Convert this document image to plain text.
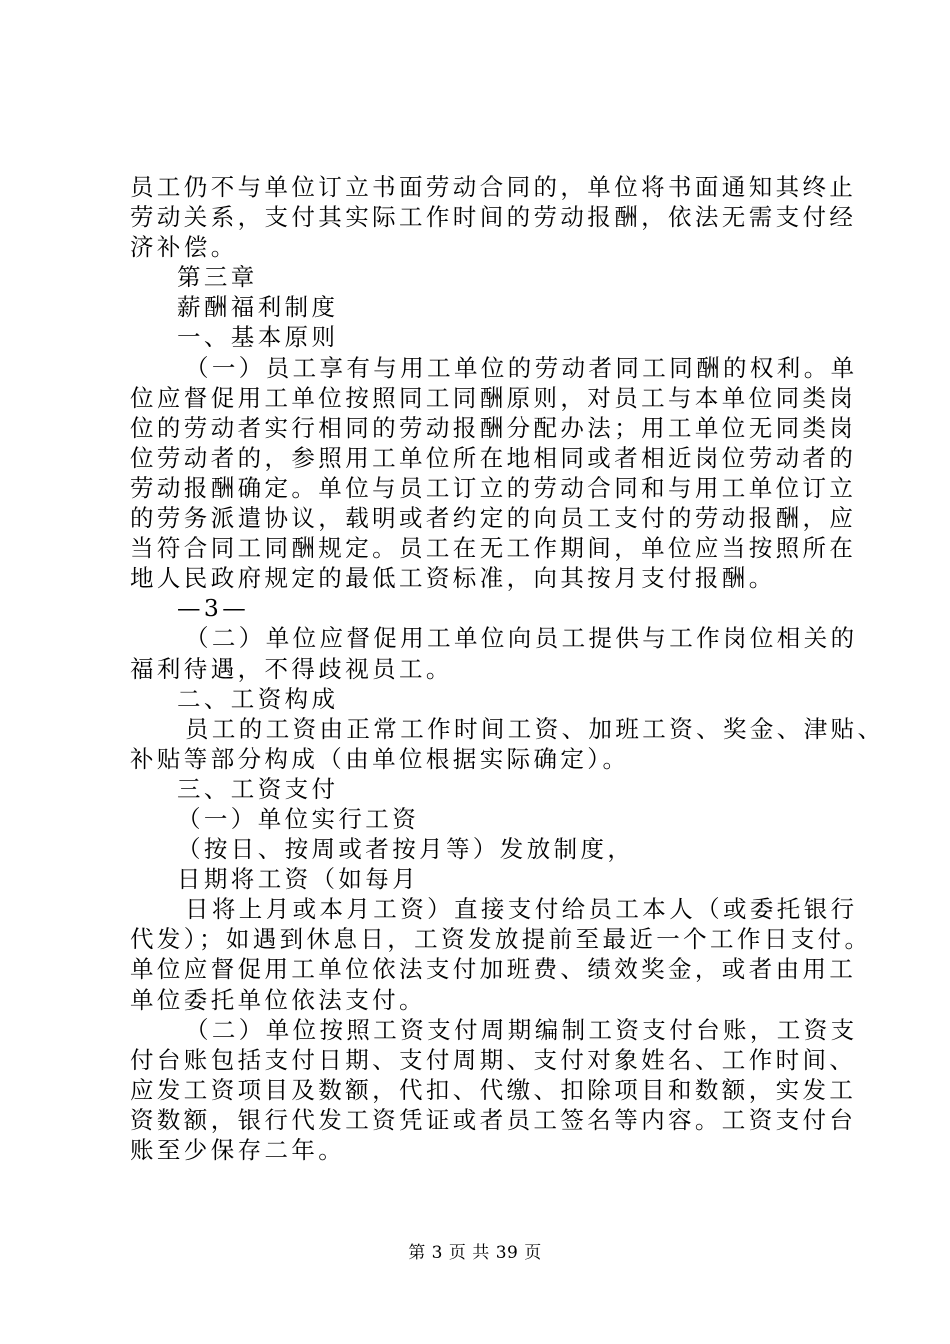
员工仍不与单位订立书面劳动合同的，单位将书面通知其终止

劳动关系，支付其实际工作时间的劳动报酬，依法无需支付经

济补偿。

第三章

薪酬福利制度

一、基本原则

（一）员工享有与用工单位的劳动者同工同酬的权利。单

位应督促用工单位按照同工同酬原则，对员工与本单位同类岗

位的劳动者实行相同的劳动报酬分配办法；用工单位无同类岗

位劳动者的，参照用工单位所在地相同或者相近岗位劳动者的

劳动报酬确定。单位与员工订立的劳动合同和与用工单位订立

的劳务派遣协议，载明或者约定的向员工支付的劳动报酬，应

当符合同工同酬规定。员工在无工作期间，单位应当按照所在

地人民政府规定的最低工资标准，向其按月支付报酬。

—3—

（二）单位应督促用工单位向员工提供与工作岗位相关的

福利待遇，不得歧视员工。

二、工资构成

员工的工资由正常工作时间工资、加班工资、奖金、津贴、

补贴等部分构成（由单位根据实际确定）。

三、工资支付

（一）单位实行工资

（按日、按周或者按月等）发放制度，

日期将工资（如每月

日将上月或本月工资）直接支付给员工本人（或委托银行

代发）；如遇到休息日，工资发放提前至最近一个工作日支付。

单位应督促用工单位依法支付加班费、绩效奖金，或者由用工

单位委托单位依法支付。

（二）单位按照工资支付周期编制工资支付台账，工资支

付台账包括支付日期、支付周期、支付对象姓名、工作时间、

应发工资项目及数额，代扣、代缴、扣除项目和数额，实发工

资数额，银行代发工资凭证或者员工签名等内容。工资支付台

账至少保存二年。

第 3 页 共 39 页
